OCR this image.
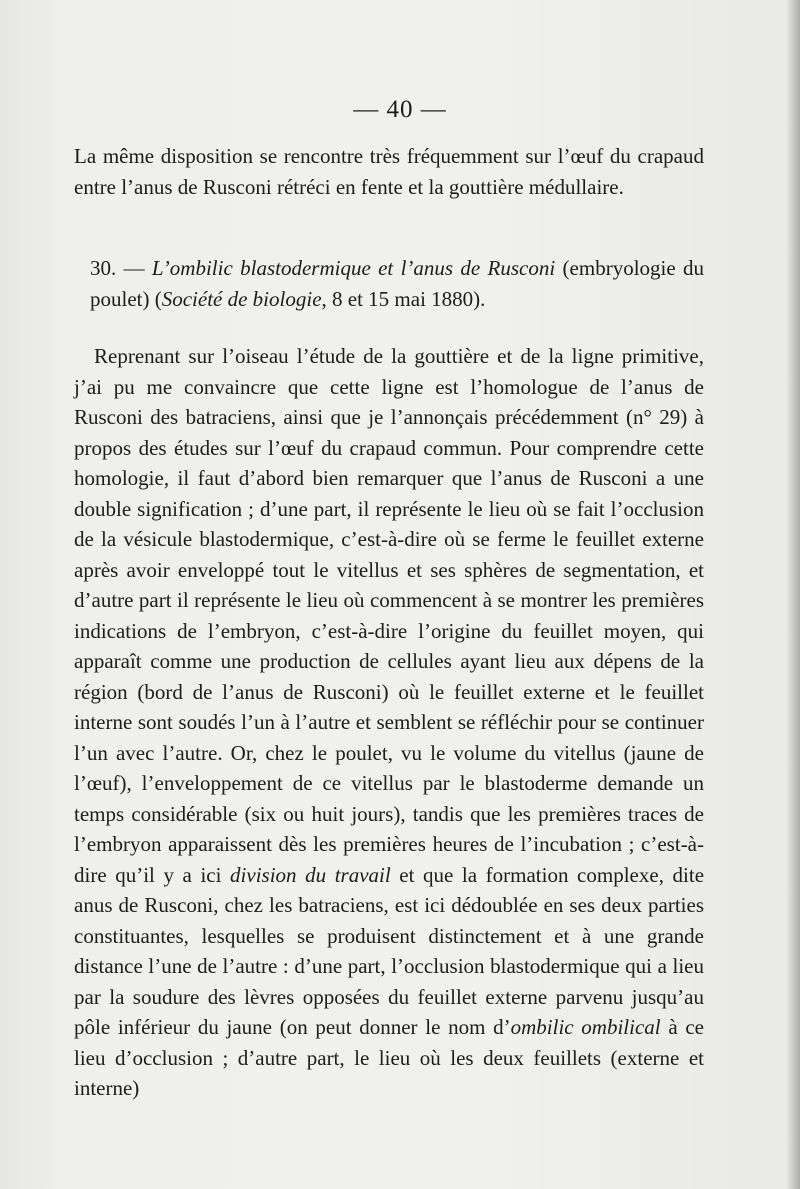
— 40 —
La même disposition se rencontre très fréquemment sur l’œuf du crapaud entre l’anus de Rusconi rétréci en fente et la gouttière médullaire.
30. — L’ombilic blastodermique et l’anus de Rusconi (embryologie du poulet) (Société de biologie, 8 et 15 mai 1880).
Reprenant sur l’oiseau l’étude de la gouttière et de la ligne primitive, j’ai pu me convaincre que cette ligne est l’homologue de l’anus de Rusconi des batraciens, ainsi que je l’annonçais précédemment (n° 29) à propos des études sur l’œuf du crapaud commun. Pour comprendre cette homologie, il faut d’abord bien remarquer que l’anus de Rusconi a une double signification ; d’une part, il représente le lieu où se fait l’occlusion de la vésicule blastodermique, c’est-à-dire où se ferme le feuillet externe après avoir enveloppé tout le vitellus et ses sphères de segmentation, et d’autre part il représente le lieu où commencent à se montrer les premières indications de l’embryon, c’est-à-dire l’origine du feuillet moyen, qui apparaît comme une production de cellules ayant lieu aux dépens de la région (bord de l’anus de Rusconi) où le feuillet externe et le feuillet interne sont soudés l’un à l’autre et semblent se réfléchir pour se continuer l’un avec l’autre. Or, chez le poulet, vu le volume du vitellus (jaune de l’œuf), l’enveloppement de ce vitellus par le blastoderme demande un temps considérable (six ou huit jours), tandis que les premières traces de l’embryon apparaissent dès les premières heures de l’incubation ; c’est-à-dire qu’il y a ici division du travail et que la formation complexe, dite anus de Rusconi, chez les batraciens, est ici dédoublée en ses deux parties constituantes, lesquelles se produisent distinctement et à une grande distance l’une de l’autre : d’une part, l’occlusion blastodermique qui a lieu par la soudure des lèvres opposées du feuillet externe parvenu jusqu’au pôle inférieur du jaune (on peut donner le nom d’ombilic ombilical à ce lieu d’occlusion ; d’autre part, le lieu où les deux feuillets (externe et interne)
